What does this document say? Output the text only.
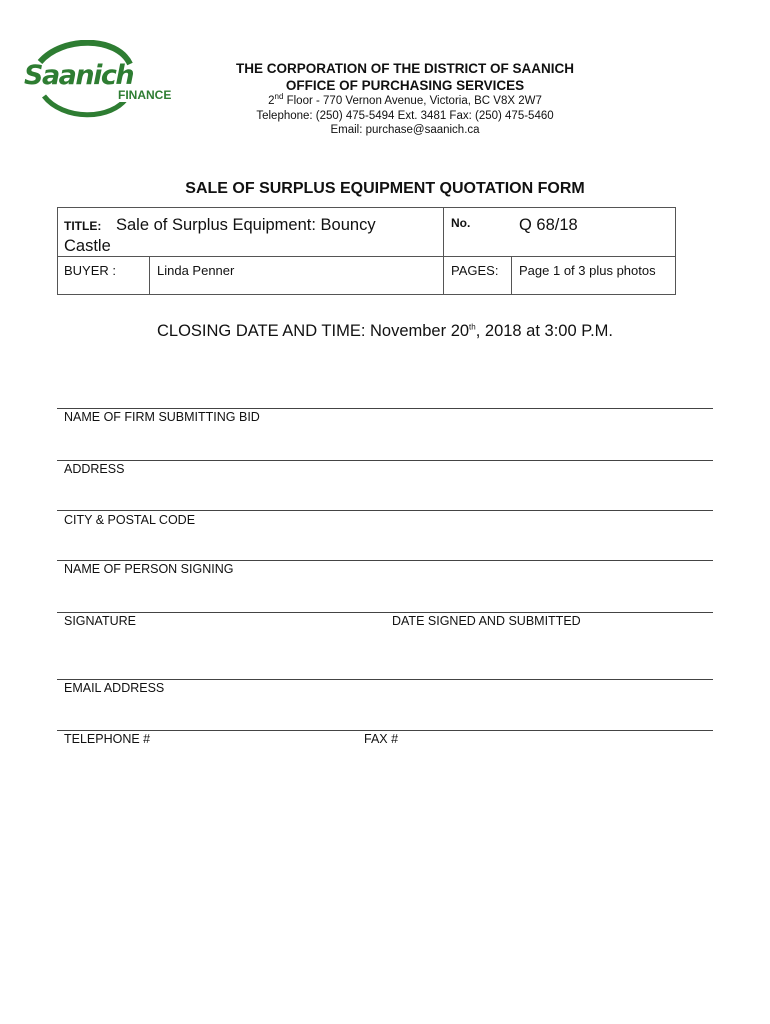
Saanich
FINANCE
THE CORPORATION OF THE DISTRICT OF SAANICH
OFFICE OF PURCHASING SERVICES
2nd Floor - 770 Vernon Avenue, Victoria, BC V8X 2W7
Telephone: (250) 475-5494 Ext. 3481 Fax: (250) 475-5460
Email: purchase@saanich.ca
SALE OF SURPLUS EQUIPMENT QUOTATION FORM
TITLE: Sale of Surplus Equipment: Bouncy Castle
No.	Q 68/18
BUYER :	Linda Penner	PAGES: Page 1 of 3 plus photos
CLOSING DATE AND TIME: November 20th, 2018 at 3:00 P.M.
NAME OF FIRM SUBMITTING BID
ADDRESS
CITY & POSTAL CODE
NAME OF PERSON SIGNING
SIGNATURE	DATE SIGNED AND SUBMITTED
EMAIL ADDRESS
TELEPHONE #	FAX #
